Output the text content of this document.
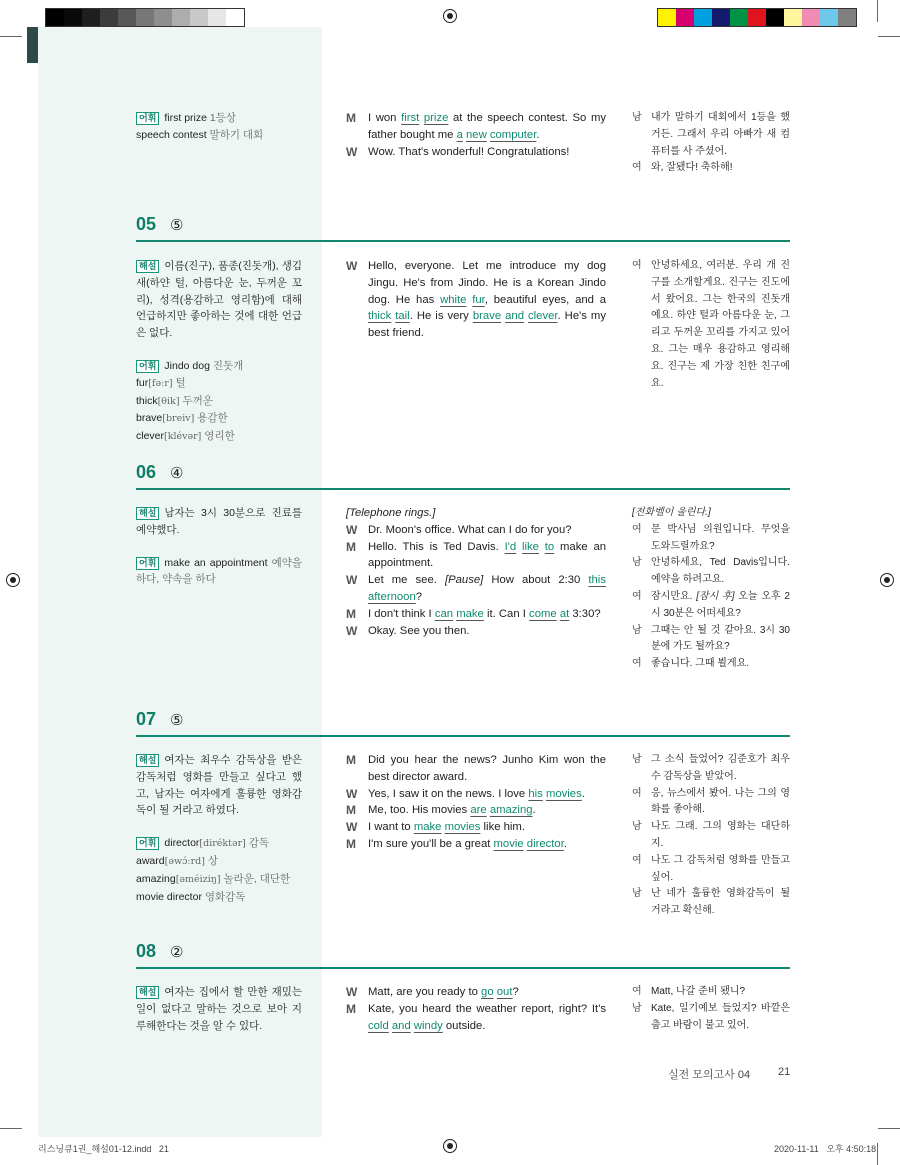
어휘 first prize 1등상
speech contest 말하기 대회
M	I won first prize at the speech contest. So my father bought me a new computer.
W Wow. That's wonderful! Congratulations!
남 내가 말하기 대회에서 1등을 했거든. 그래서 우리 아빠가 새 컴퓨터를 사 주셨어.
여 와, 잘됐다! 축하해!
05 ⑤
해설 이름(진구), 품종(진돗개), 생김새(하얀 털, 아름다운 눈, 두꺼운 꼬리), 성격(용감하고 영리함)에 대해 언급하지만 좋아하는 것에 대한 언급은 없다.
어휘 Jindo dog 진돗개
fur[fəːr] 털
thick[θik] 두꺼운
brave[breiv] 용감한
clever[klévər] 영리한
W Hello, everyone. Let me introduce my dog Jingu. He's from Jindo. He is a Korean Jindo dog. He has white fur, beautiful eyes, and a thick tail. He is very brave and clever. He's my best friend.
여 안녕하세요, 여러분. 우리 개 진구를 소개할게요. 진구는 진도에서 왔어요. 그는 한국의 진돗개예요. 하얀 털과 아름다운 눈, 그리고 두꺼운 꼬리를 가지고 있어요. 그는 매우 용감하고 영리해요. 진구는 제 가장 친한 친구예요.
06 ④
해설 남자는 3시 30분으로 진료를 예약했다.
어휘 make an appointment 예약을 하다, 약속을 하다
[Telephone rings.]
W Dr. Moon's office. What can I do for you?
M	Hello. This is Ted Davis. I'd like to make an appointment.
W Let me see. [Pause] How about 2:30 this afternoon?
M	I don't think I can make it. Can I come at 3:30?
W Okay. See you then.
[전화벨이 울린다.]
여 문 박사님 의원입니다. 무엇을 도와드릴까요?
남 안녕하세요, Ted Davis입니다. 예약을 하려고요.
여 잠시만요. [잠시 후] 오늘 오후 2시 30분은 어떠세요?
남 그때는 안 될 것 같아요. 3시 30분에 가도 될까요?
여 좋습니다. 그때 뵐게요.
07 ⑤
해설 여자는 최우수 감독상을 받은 감독처럼 영화를 만들고 싶다고 했고, 남자는 여자에게 훌륭한 영화감독이 될 거라고 하였다.
어휘 director[diréktər] 감독
award[əwɔ́ːrd] 상
amazing[əméiziŋ] 놀라운, 대단한
movie director 영화감독
M	Did you hear the news? Junho Kim won the best director award.
W Yes, I saw it on the news. I love his movies.
M	Me, too. His movies are amazing.
W I want to make movies like him.
M	I'm sure you'll be a great movie director.
남 그 소식 들었어? 김준호가 최우수 감독상을 받았어.
여 응, 뉴스에서 봤어. 나는 그의 영화를 좋아해.
남 나도 그래. 그의 영화는 대단하지.
여 나도 그 감독처럼 영화를 만들고 싶어.
남 난 네가 훌륭한 영화감독이 될 거라고 확신해.
08 ②
해설 여자는 집에서 할 만한 재밌는 일이 없다고 말하는 것으로 보아 지루해한다는 것을 알 수 있다.
W Matt, are you ready to go out?
M	Kate, you heard the weather report, right? It's cold and windy outside.
여 Matt, 나갈 준비 됐니?
남 Kate, 일기예보 들었지? 바깥은 춥고 바람이 불고 있어.
실전 모의고사 04	21
리스닝큐1권_해설01-12.indd   21	2020-11-11   오후 4:50:18
